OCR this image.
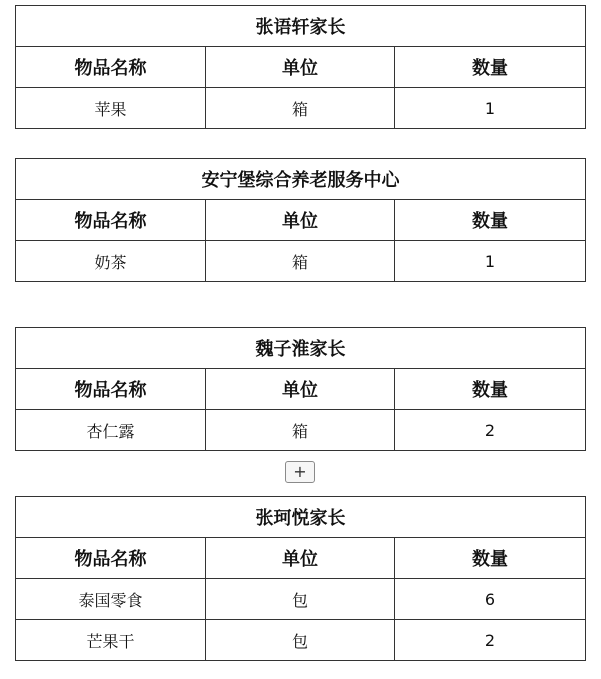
张语轩家长		
物品名称	单位	数量
苹果	箱	1
安宁堡综合养老服务中心		
物品名称	单位	数量
奶茶	箱	1
魏子淮家长		
物品名称	单位	数量
杏仁露	箱	2
+
张珂悦家长		
物品名称	单位	数量
泰国零食	包	6
芒果干	包	2
